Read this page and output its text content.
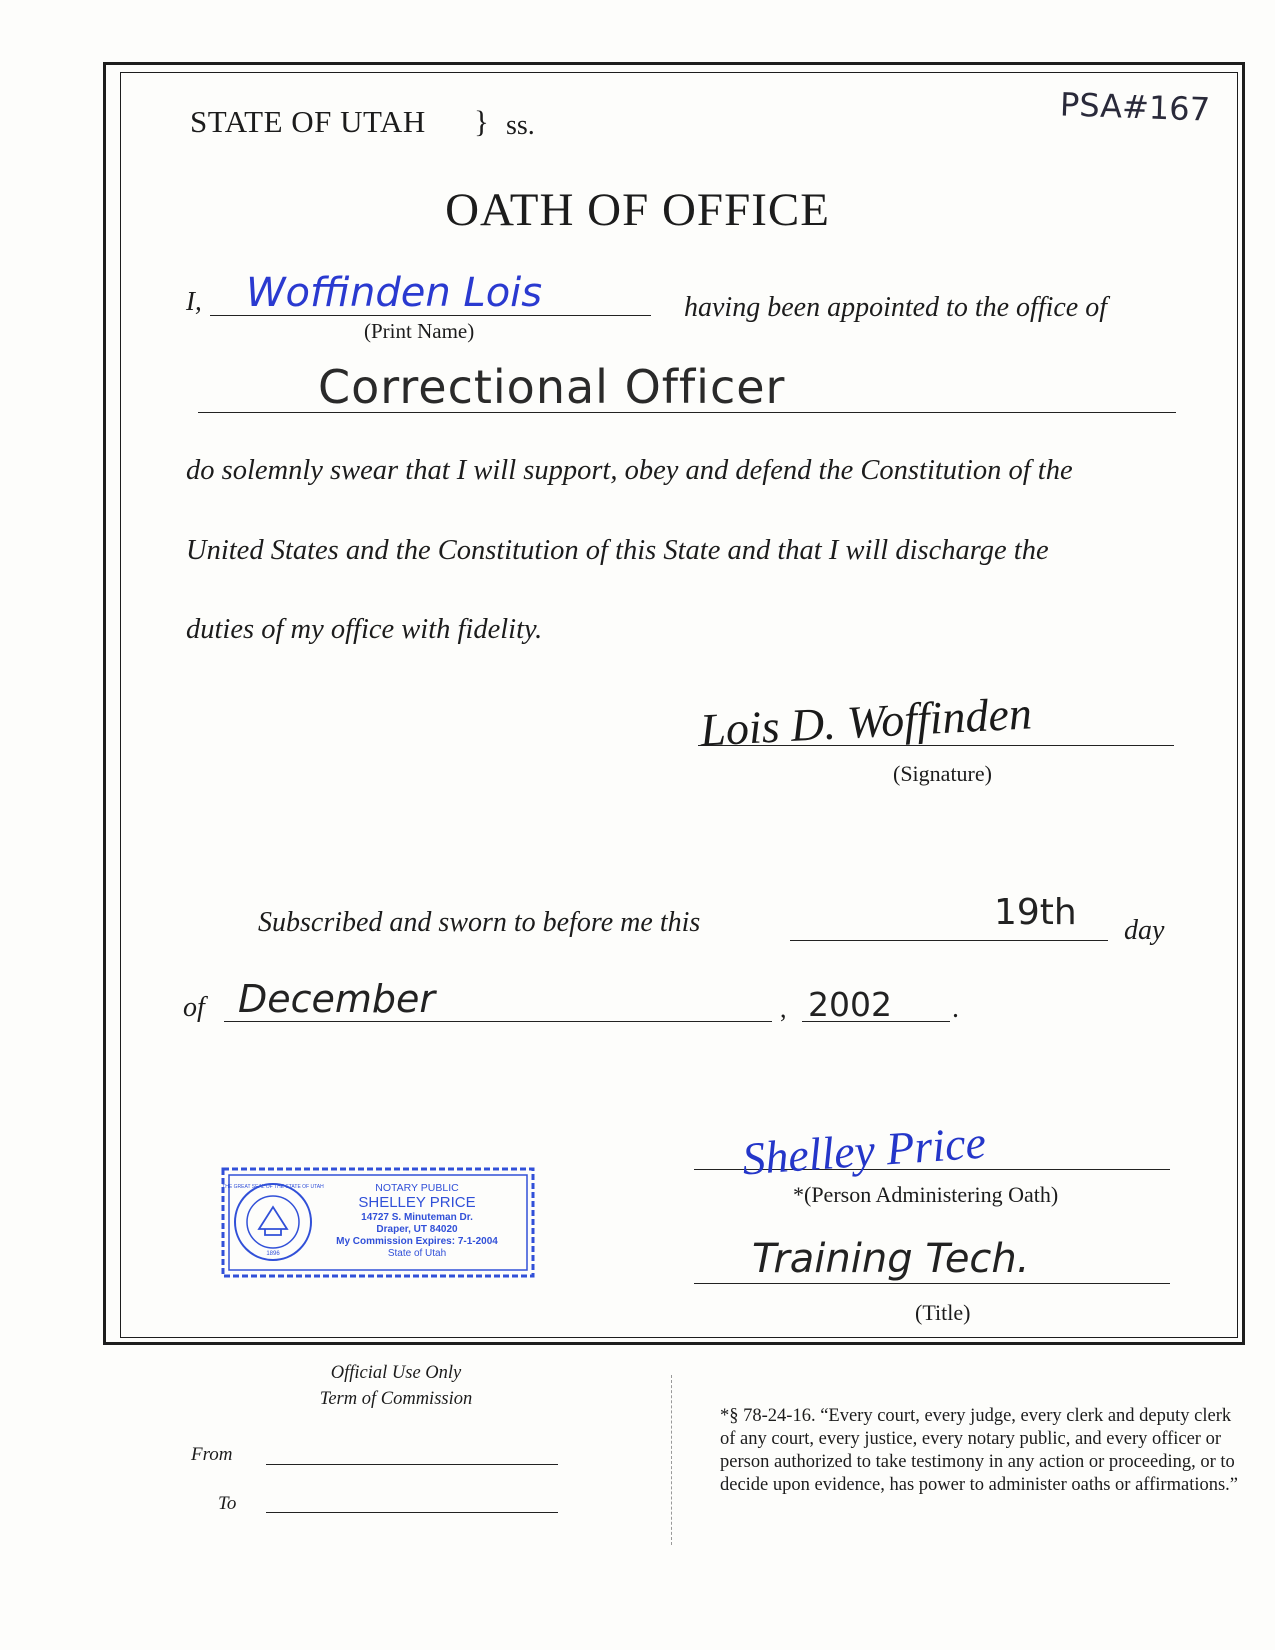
STATE OF UTAH } ss.	PSA#167
OATH OF OFFICE
I, Woffinden Lois
(Print Name)
having been appointed to the office of
Correctional Officer
do solemnly swear that I will support, obey and defend the Constitution of the
United States and the Constitution of this State and that I will discharge the
duties of my office with fidelity.
Lois D. Woffinden
(Signature)
Subscribed and sworn to before me this	19th day
of December	, 2002 .
Shelley Price
*(Person Administering Oath)
Training Tech.
(Title)
THE GREAT SEAL OF THE STATE OF UTAH
1896
NOTARY PUBLIC
SHELLEY PRICE
14727 S. Minuteman Dr.
Draper, UT 84020
My Commission Expires: 7-1-2004
State of Utah
Official Use Only
Term of Commission
From
To
*§ 78-24-16. “Every court, every judge, every clerk and deputy clerk of any court, every justice, every notary public, and every officer or person authorized to take testimony in any action or proceeding, or to decide upon evidence, has power to administer oaths or affirmations.”
